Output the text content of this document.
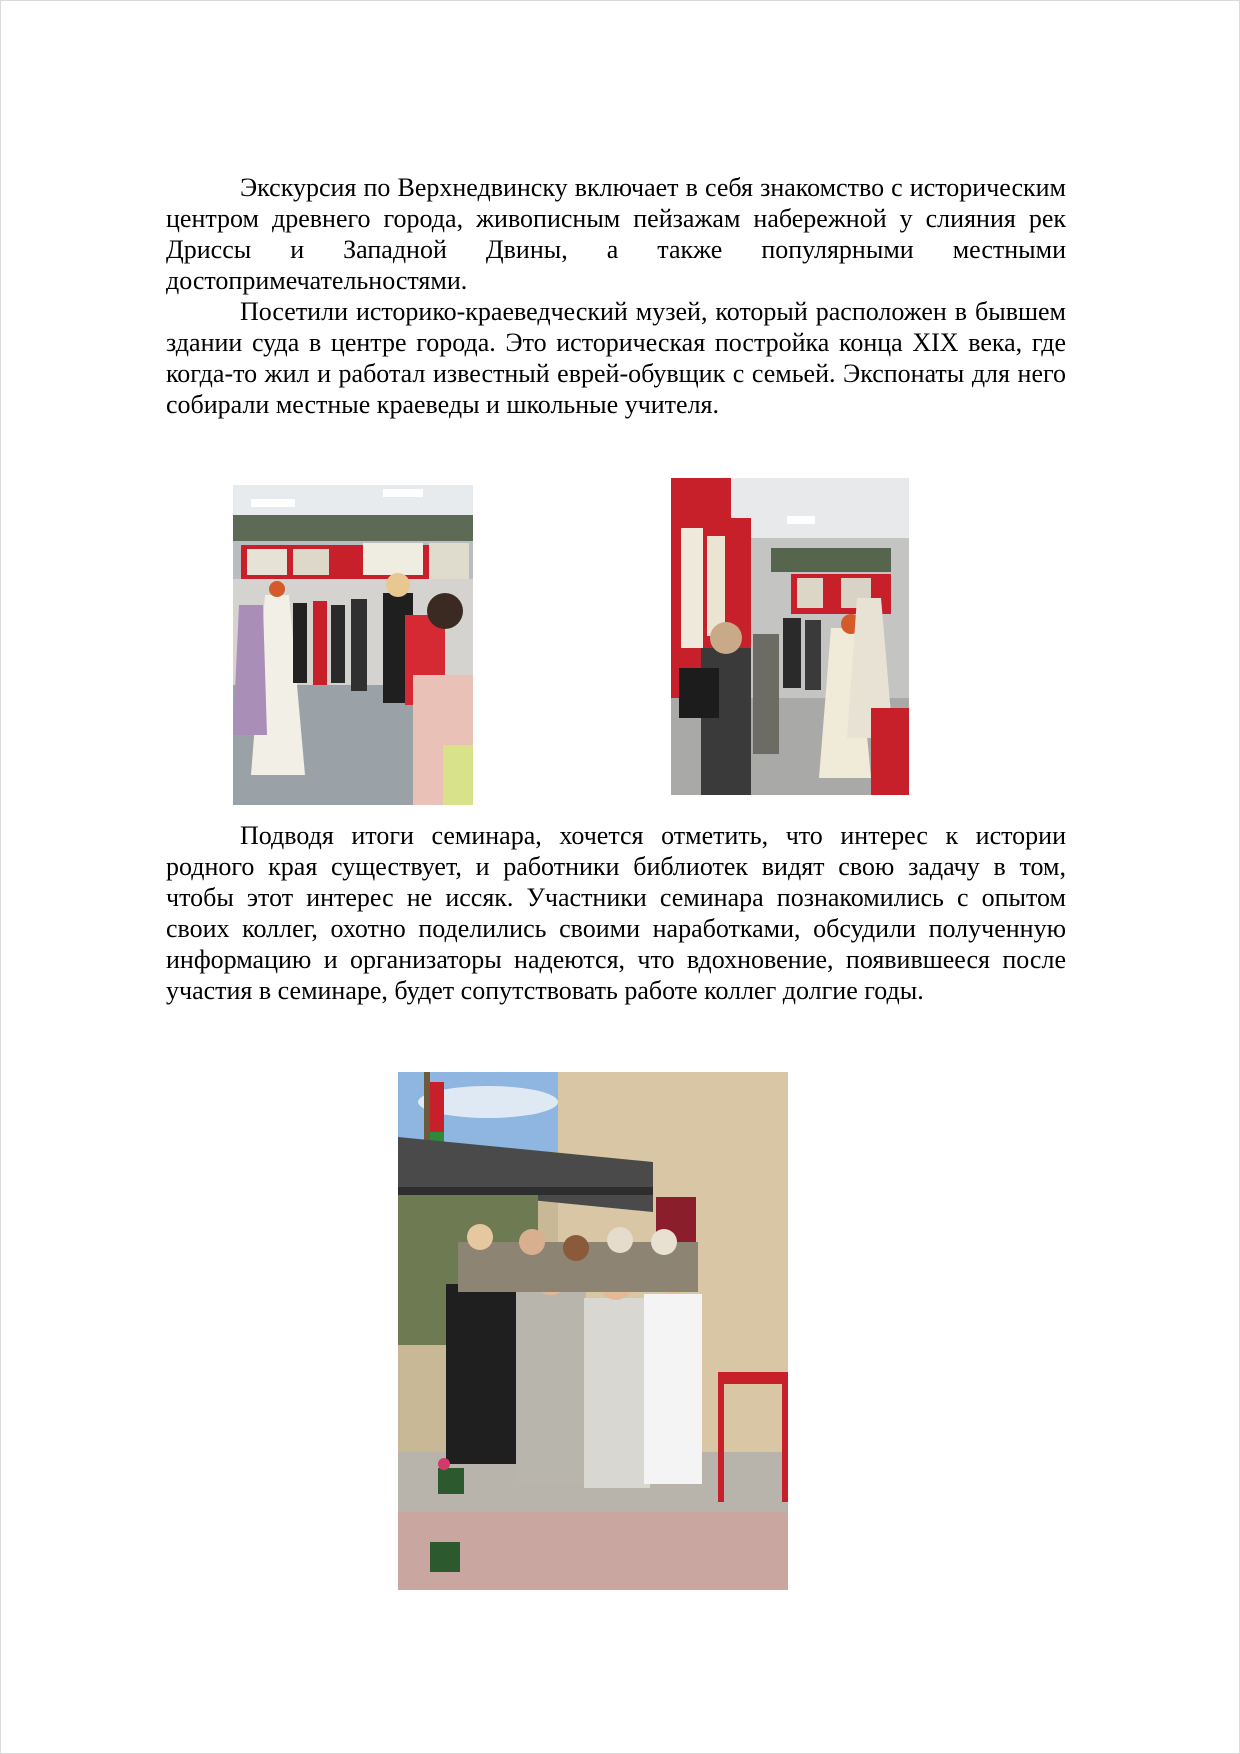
Экскурсия по Верхнедвинску включает в себя знакомство с историческим центром древнего города, живописным пейзажам набережной у слияния рек Дриссы и Западной Двины, а также популярными местными достопримечательностями.

Посетили историко-краеведческий музей, который расположен в бывшем здании суда в центре города. Это историческая постройка конца XIX века, где когда-то жил и работал известный еврей-обувщик с семьей. Экспонаты для него собирали местные краеведы и школьные учителя.

Подводя итоги семинара, хочется отметить, что интерес к истории родного края существует, и работники библиотек видят свою задачу в том, чтобы этот интерес не иссяк. Участники семинара познакомились с опытом своих коллег, охотно поделились своими наработками, обсудили полученную информацию и организаторы надеются, что вдохновение, появившееся после участия в семинаре, будет сопутствовать работе коллег долгие годы.
